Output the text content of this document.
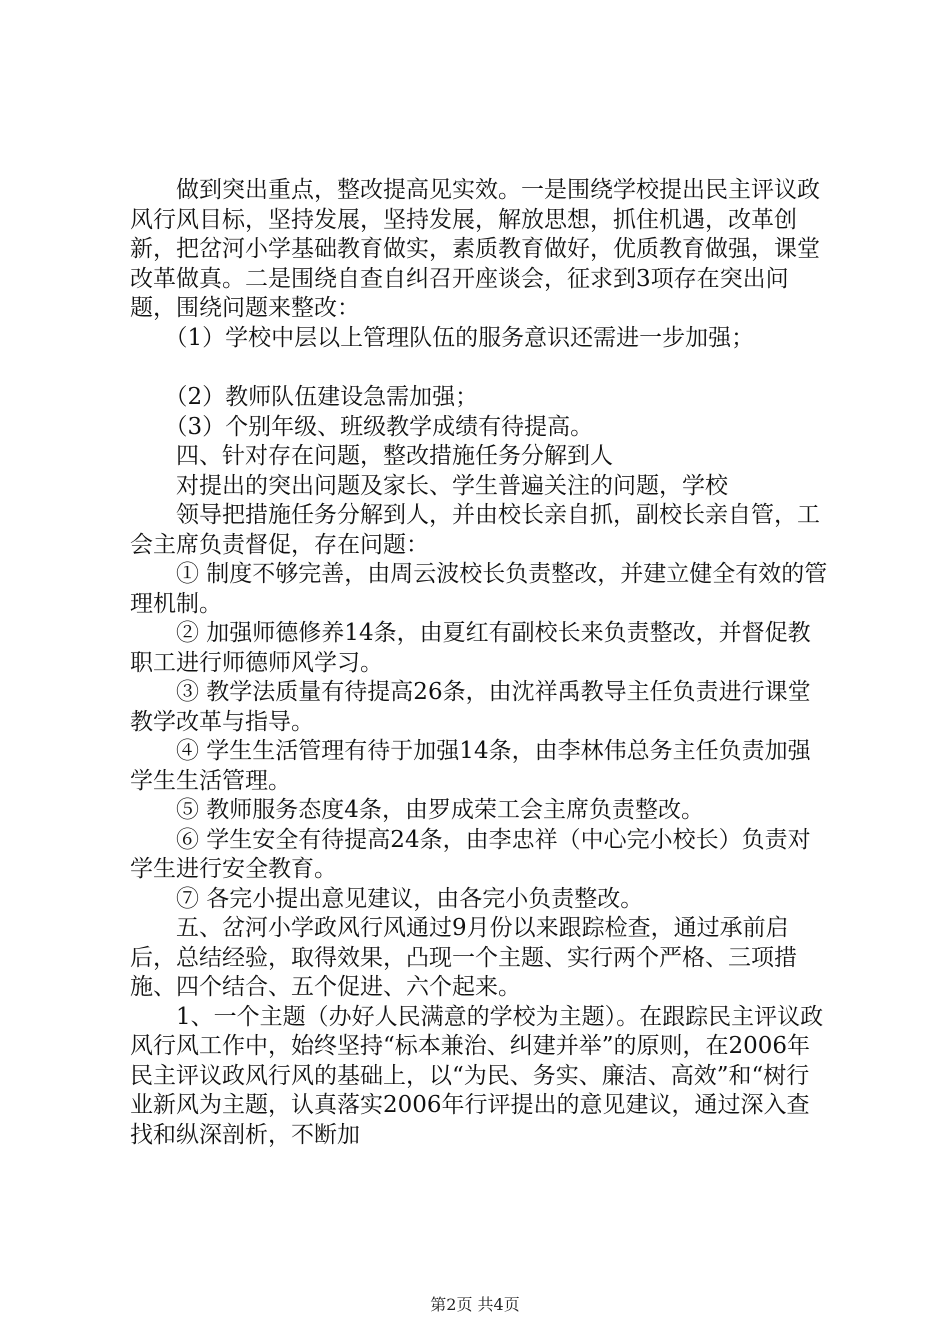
　　做到突出重点，整改提高见实效。一是围绕学校提出民主评议政风行风目标，坚持发展，坚持发展，解放思想，抓住机遇，改革创新，把岔河小学基础教育做实，素质教育做好，优质教育做强，课堂改革做真。二是围绕自查自纠召开座谈会，征求到3项存在突出问题，围绕问题来整改：

　　（1）学校中层以上管理队伍的服务意识还需进一步加强；

　　（2）教师队伍建设急需加强；

　　（3）个别年级、班级教学成绩有待提高。

　　四、针对存在问题，整改措施任务分解到人

　　对提出的突出问题及家长、学生普遍关注的问题，学校

　　领导把措施任务分解到人，并由校长亲自抓，副校长亲自管，工会主席负责督促，存在问题：

　　① 制度不够完善，由周云波校长负责整改，并建立健全有效的管理机制。

　　② 加强师德修养14条，由夏红有副校长来负责整改，并督促教职工进行师德师风学习。

　　③ 教学法质量有待提高26条，由沈祥禹教导主任负责进行课堂教学改革与指导。

　　④ 学生生活管理有待于加强14条，由李林伟总务主任负责加强学生生活管理。

　　⑤ 教师服务态度4条，由罗成荣工会主席负责整改。

　　⑥ 学生安全有待提高24条，由李忠祥（中心完小校长）负责对学生进行安全教育。

　　⑦ 各完小提出意见建议，由各完小负责整改。

　　五、岔河小学政风行风通过9月份以来跟踪检查，通过承前启后，总结经验，取得效果，凸现一个主题、实行两个严格、三项措施、四个结合、五个促进、六个起来。

　　1、一个主题（办好人民满意的学校为主题）。在跟踪民主评议政风行风工作中，始终坚持“标本兼治、纠建并举”的原则，在2006年民主评议政风行风的基础上，以“为民、务实、廉洁、高效”和“树行业新风为主题，认真落实2006年行评提出的意见建议，通过深入查找和纵深剖析，不断加

第2页 共4页
